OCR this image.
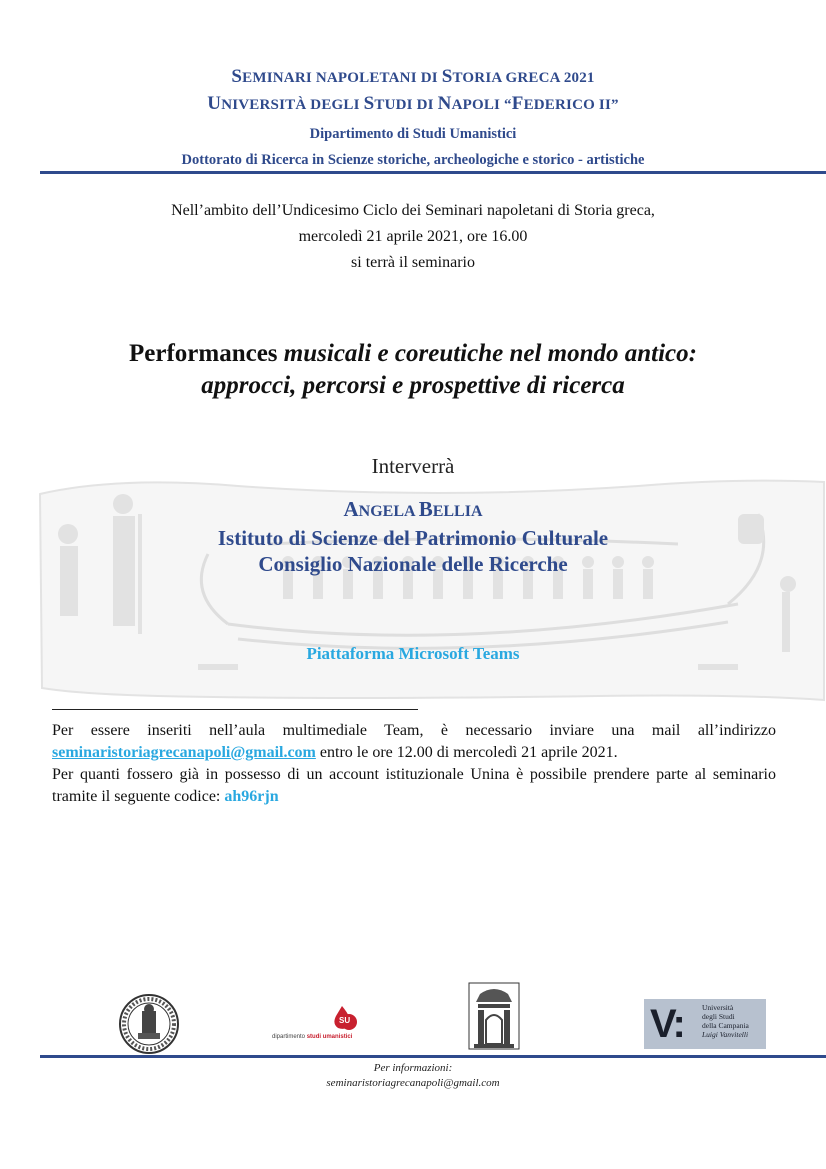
SEMINARI NAPOLETANI DI STORIA GRECA 2021
UNIVERSITÀ DEGLI STUDI DI NAPOLI “FEDERICO II”
Dipartimento di Studi Umanistici
Dottorato di Ricerca in Scienze storiche, archeologiche e storico - artistiche
Nell’ambito dell’Undicesimo Ciclo dei Seminari napoletani di Storia greca,
mercoledì 21 aprile 2021, ore 16.00
si terrà il seminario
Performances musicali e coreutiche nel mondo antico:
approcci, percorsi e prospettive di ricerca
Interverrà
ANGELA BELLIA
Istituto di Scienze del Patrimonio Culturale
Consiglio Nazionale delle Ricerche
Piattaforma Microsoft Teams
Per essere inseriti nell’aula multimediale Team, è necessario inviare una mail all’indirizzo seminaristoriagrecanapoli@gmail.com entro le ore 12.00 di mercoledì 21 aprile 2021.
Per quanti fossero già in possesso di un account istituzionale Unina è possibile prendere parte al seminario tramite il seguente codice: ah96rjn
SU
dipartimento studi umanistici	V: Università
degli Studi
della Campania
Luigi Vanvitelli
Per informazioni:
seminaristoriagrecanapoli@gmail.com
